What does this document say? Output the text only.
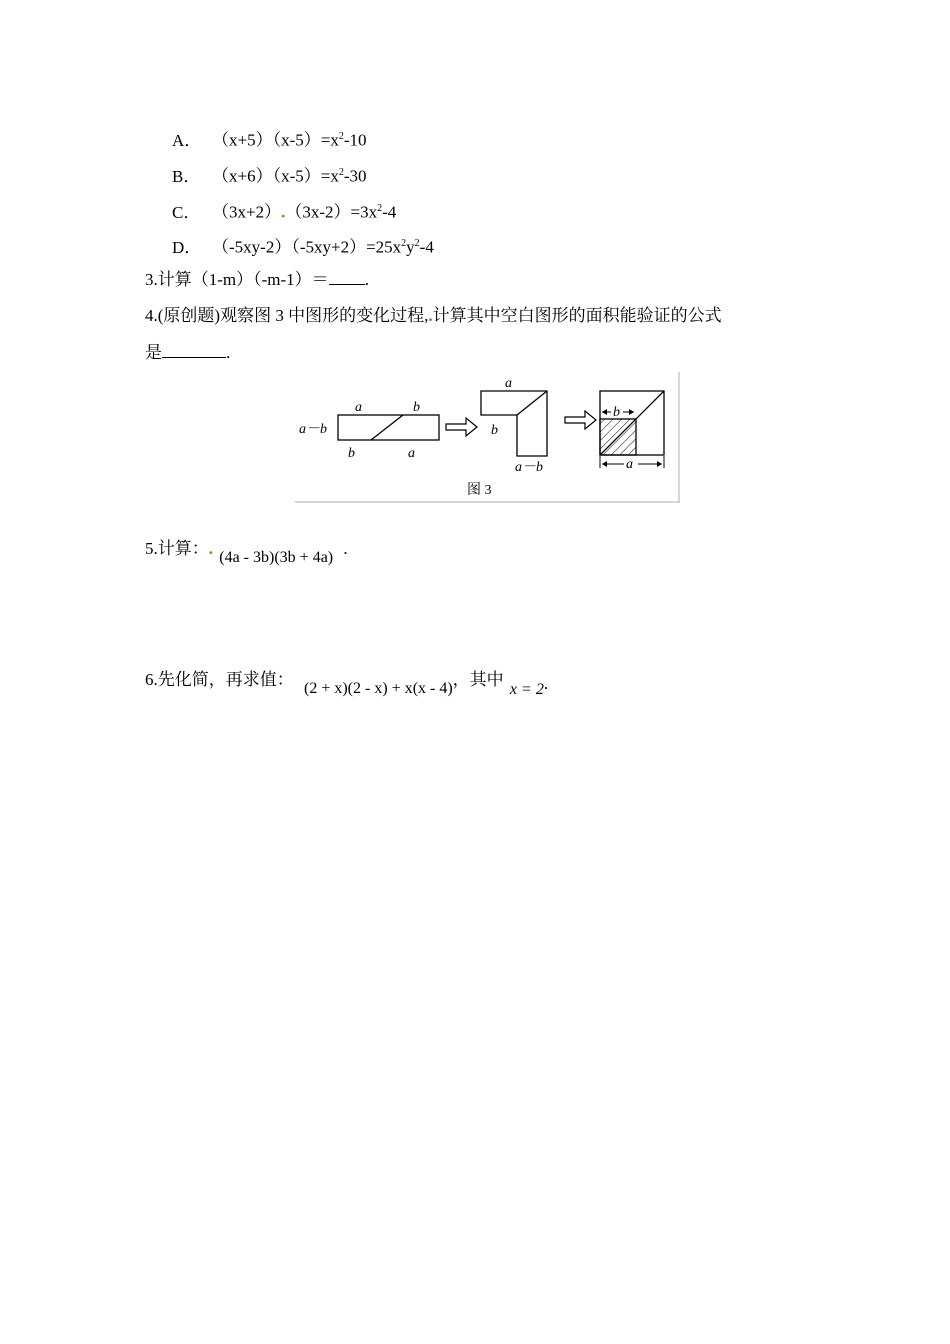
A． $(x+5)(x-5)=x^2-10$
B． $(x+6)(x-5)=x^2-30$
C． $(3x+2).(3x-2)=3x^2-4$
D． $(-5xy-2)(-5xy+2)=25x^2y^2-4$
3.计算（1-m）（-m-1）＝ .
4.(原创题)观察图 3 中图形的变化过程,.计算其中空白图形的面积能验证的公式
是	.
a	b
a－b
b	a
a
b
a－b
b
a
图 3
5.计算：. (4a - 3b)(3b + 4a) .
6.先化简，再求值： (2 + x)(2 - x) + x(x - 4)，其中 x = 2.
